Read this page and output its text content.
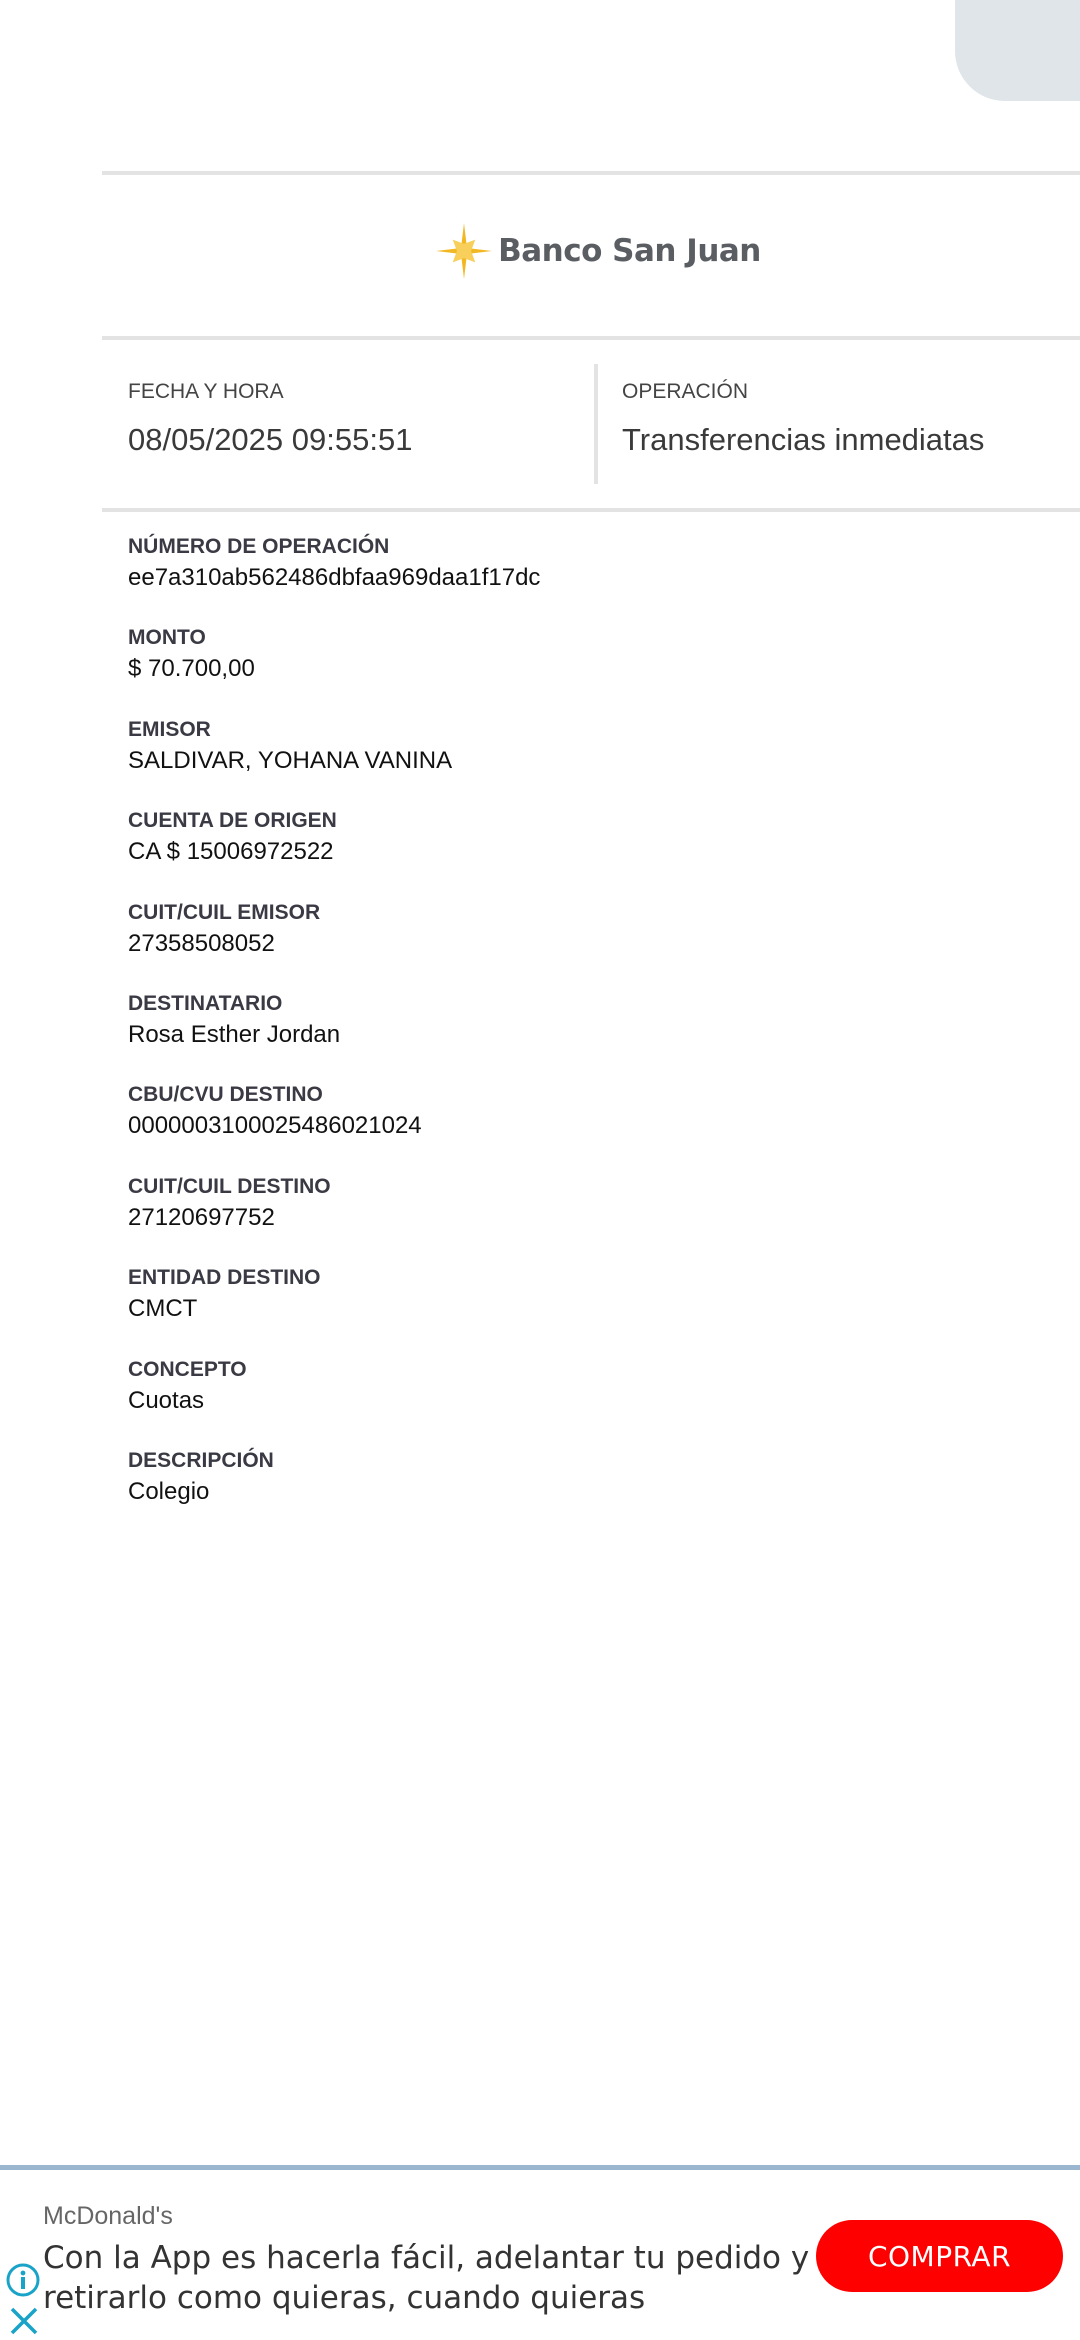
Banco San Juan
FECHA Y HORA
08/05/2025 09:55:51
OPERACIÓN
Transferencias inmediatas
NÚMERO DE OPERACIÓN
ee7a310ab562486dbfaa969daa1f17dc
MONTO
$ 70.700,00
EMISOR
SALDIVAR, YOHANA VANINA
CUENTA DE ORIGEN
CA $ 15006972522
CUIT/CUIL EMISOR
27358508052
DESTINATARIO
Rosa Esther Jordan
CBU/CVU DESTINO
0000003100025486021024
CUIT/CUIL DESTINO
27120697752
ENTIDAD DESTINO
CMCT
CONCEPTO
Cuotas
DESCRIPCIÓN
Colegio
McDonald's
Con la App es hacerla fácil, adelantar tu pedido y retirarlo como quieras, cuando quieras
COMPRAR
